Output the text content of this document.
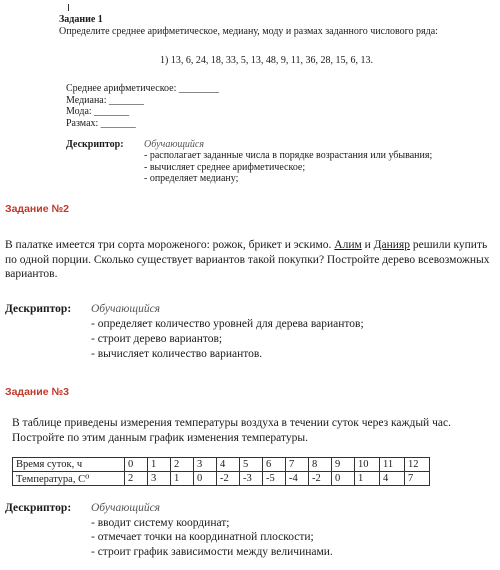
Задание 1
Определите среднее арифметическое, медиану, моду и размах заданного числового ряда:
1) 13, 6, 24, 18, 33, 5, 13, 48, 9, 11, 36, 28, 15, 6, 13.
Среднее арифметическое: ________
Медиана: _______
Мода: _______
Размах: _______
Дескриптор: Обучающийся
- располагает заданные числа в порядке возрастания или убывания;
- вычисляет среднее арифметическое;
- определяет медиану;
Задание №2
В палатке имеется три сорта мороженого: рожок, брикет и эскимо. Алим и Данияр решили купить по одной порции. Сколько существует вариантов такой покупки? Постройте дерево всевозможных вариантов.
Дескриптор: Обучающийся
- определяет количество уровней для дерева вариантов;
- строит дерево вариантов;
- вычисляет количество вариантов.
Задание №3
В таблице приведены измерения температуры воздуха в течении суток через каждый час. Постройте по этим данным график изменения температуры.
Время суток, ч	0	1	2	3	4	5	6	7	8	9	10	11	12
Температура, С⁰	2	3	1	0	-2	-3	-5	-4	-2	0	1	4	7
Дескриптор: Обучающийся
- вводит систему координат;
- отмечает точки на координатной плоскости;
- строит график зависимости между величинами.
